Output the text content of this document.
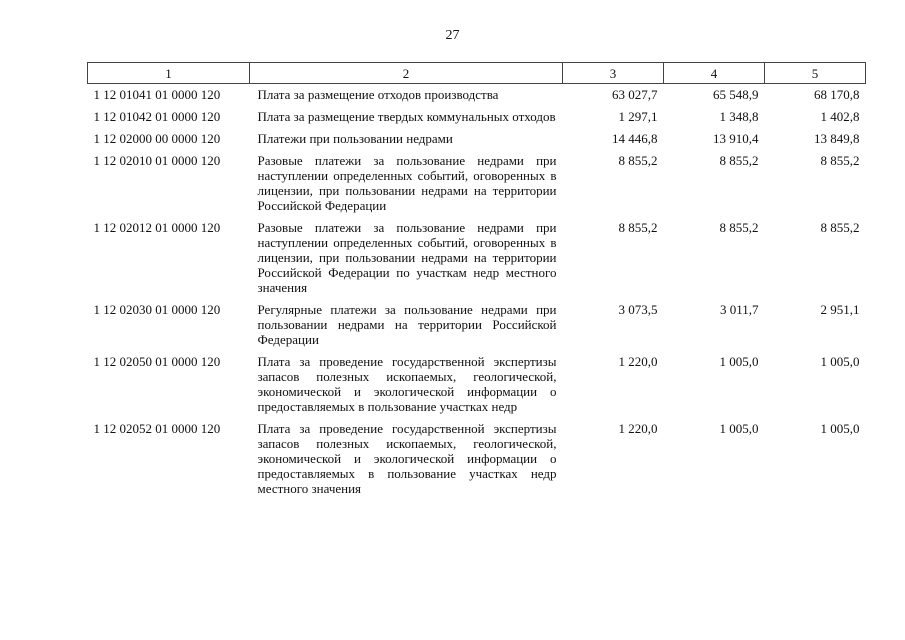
27
1	2	3	4	5
1 12 01041 01 0000 120	Плата за размещение отходов производства	63 027,7	65 548,9	68 170,8
1 12 01042 01 0000 120	Плата за размещение твердых коммунальных отходов	1 297,1	1 348,8	1 402,8
1 12 02000 00 0000 120	Платежи при пользовании недрами	14 446,8	13 910,4	13 849,8
1 12 02010 01 0000 120	Разовые платежи за пользование недрами при наступлении определенных событий, оговоренных в лицензии, при пользовании недрами на территории Российской Федерации	8 855,2	8 855,2	8 855,2
1 12 02012 01 0000 120	Разовые платежи за пользование недрами при наступлении определенных событий, оговоренных в лицензии, при пользовании недрами на территории Российской Федерации по участкам недр местного значения	8 855,2	8 855,2	8 855,2
1 12 02030 01 0000 120	Регулярные платежи за пользование недрами при пользовании недрами на территории Российской Федерации	3 073,5	3 011,7	2 951,1
1 12 02050 01 0000 120	Плата за проведение государственной экспертизы запасов полезных ископаемых, геологической, экономической и экологической информации о предоставляемых в пользование участках недр	1 220,0	1 005,0	1 005,0
1 12 02052 01 0000 120	Плата за проведение государственной экспертизы запасов полезных ископаемых, геологической, экономической и экологической информации о предоставляемых в пользование участках недр местного значения	1 220,0	1 005,0	1 005,0
